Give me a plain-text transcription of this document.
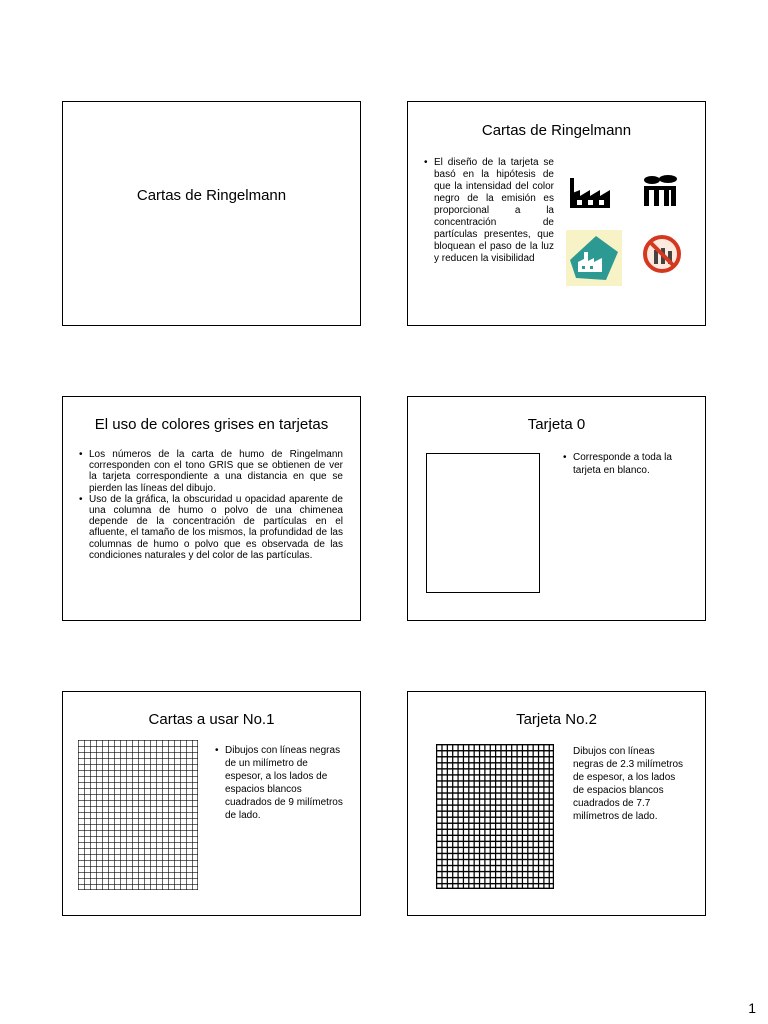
Cartas de Ringelmann
Cartas de Ringelmann
• El diseño de la tarjeta se basó en la hipótesis de que la intensidad del color negro de la emisión es proporcional a la concentración de partículas presentes, que bloquean el paso de la luz y reducen la visibilidad
El uso de colores grises en tarjetas
• Los números de la carta de humo de Ringelmann corresponden con el tono GRIS que se obtienen de ver la tarjeta correspondiente a una distancia en que se pierden las líneas del dibujo.
• Uso de la gráfica, la obscuridad u opacidad aparente de una columna de humo o polvo de una chimenea depende de la concentración de partículas en el afluente, el tamaño de los mismos, la profundidad de las columnas de humo o polvo que es observada de las condiciones naturales y del color de las partículas.
Tarjeta 0
• Corresponde a toda la tarjeta en blanco.
Cartas a usar No.1
• Dibujos con líneas negras de un milímetro de espesor, a los lados de espacios blancos cuadrados de 9 milímetros de lado.
Tarjeta No.2
Dibujos con líneas negras de 2.3 milímetros de espesor, a los lados de espacios blancos cuadrados de 7.7 milímetros de lado.
1
